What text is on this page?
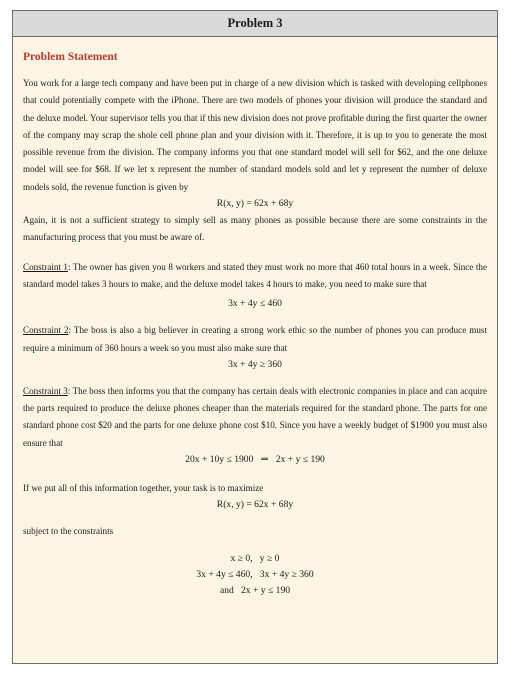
Problem 3
Problem Statement

You work for a large tech company and have been put in charge of a new division which is tasked with developing cellphones that could potentially compete with the iPhone. There are two models of phones your division will produce the standard and the deluxe model. Your supervisor tells you that if this new division does not prove profitable during the first quarter the owner of the company may scrap the shole cell phone plan and your division with it. Therefore, it is up to you to generate the most possible revenue from the division. The company informs you that one standard model will sell for $62, and the one deluxe model will see for $68. If we let x represent the number of standard models sold and let y represent the number of deluxe models sold, the revenue function is given by

R(x, y) = 62x + 68y

Again, it is not a sufficient strategy to simply sell as many phones as possible because there are some constraints in the manufacturing process that you must be aware of.

Constraint 1: The owner has given you 8 workers and stated they must work no more that 460 total hours in a week. Since the standard model takes 3 hours to make, and the deluxe model takes 4 hours to make, you need to make sure that

3x + 4y ≤ 460

Constraint 2: The boss is also a big believer in creating a strong work ethic so the number of phones you can produce must require a minimum of 360 hours a week so you must also make sure that

3x + 4y ≥ 360

Constraint 3: The boss then informs you that the company has certain deals with electronic companies in place and can acquire the parts required to produce the deluxe phones cheaper than the materials required for the standard phone. The parts for one standard phone cost $20 and the parts for one deluxe phone cost $10. Since you have a weekly budget of $1900 you must also ensure that

20x + 10y ≤ 1900   ⇒   2x + y ≤ 190

If we put all of this information together, your task is to maximize

R(x, y) = 62x + 68y

subject to the constraints

x ≥ 0,   y ≥ 0
3x + 4y ≤ 460,   3x + 4y ≥ 360
and   2x + y ≤ 190
